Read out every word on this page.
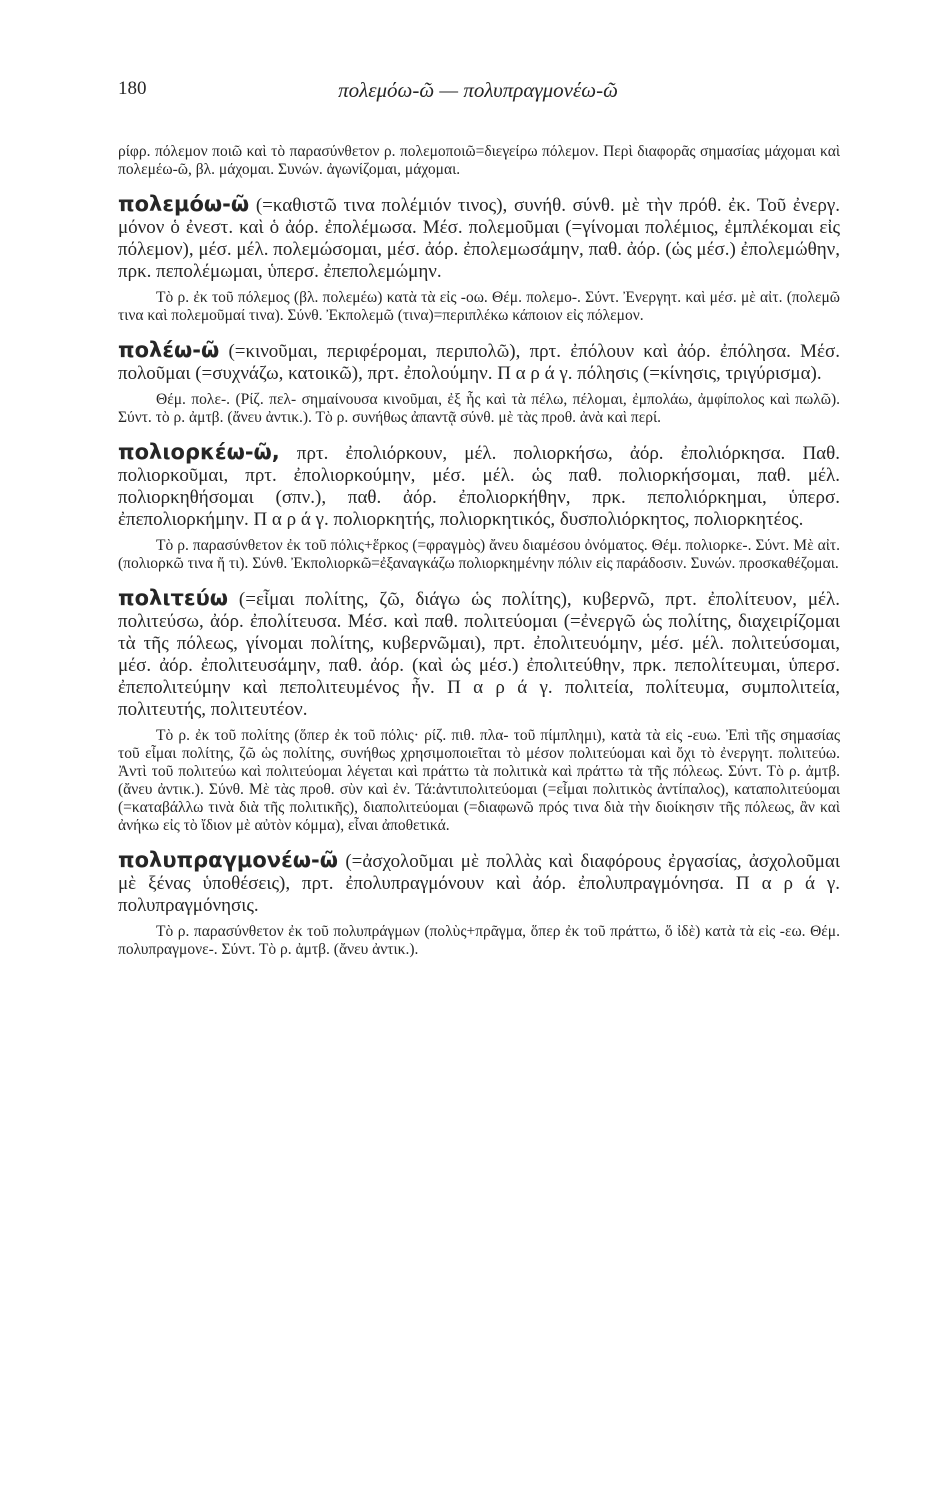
180	πολεμόω-ῶ — πολυπραγμονέω-ῶ

ρίφρ. πόλεμον ποιῶ καὶ τὸ παρασύνθετον ρ. πολεμοποιῶ=διεγείρω πόλεμον. Περὶ διαφορᾶς σημασίας μάχομαι καὶ πολεμέω-ῶ, βλ. μάχομαι. Συνών. ἀγωνίζομαι, μάχομαι.

πολεμόω-ῶ (=καθιστῶ τινα πολέμιόν τινος), συνήθ. σύνθ. μὲ τὴν πρόθ. ἐκ. Τοῦ ἐνεργ. μόνον ὁ ἐνεστ. καὶ ὁ ἀόρ. ἐπολέμωσα. Μέσ. πολεμοῦμαι (=γίνομαι πολέμιος, ἐμπλέκομαι εἰς πόλεμον), μέσ. μέλ. πολεμώσομαι, μέσ. ἀόρ. ἐπολεμωσάμην, παθ. ἀόρ. (ὡς μέσ.) ἐπολεμώθην, πρκ. πεπολέμωμαι, ὑπερσ. ἐπεπολεμώμην.

Τὸ ρ. ἐκ τοῦ πόλεμος (βλ. πολεμέω) κατὰ τὰ εἰς -οω. Θέμ. πολεμο-. Σύντ. Ἐνεργητ. καὶ μέσ. μὲ αἰτ. (πολεμῶ τινα καὶ πολεμοῦμαί τινα). Σύνθ. Ἐκπολεμῶ (τινα)=περιπλέκω κάποιον εἰς πόλεμον.

πολέω-ῶ (=κινοῦμαι, περιφέρομαι, περιπολῶ), πρτ. ἐπόλουν καὶ ἀόρ. ἐπόλησα. Μέσ. πολοῦμαι (=συχνάζω, κατοικῶ), πρτ. ἐπολούμην. Π α ρ ά γ. πόλησις (=κίνησις, τριγύρισμα).

Θέμ. πολε-. (Ρίζ. πελ- σημαίνουσα κινοῦμαι, ἐξ ἧς καὶ τὰ πέλω, πέλομαι, ἐμπολάω, ἀμφίπολος καὶ πωλῶ). Σύντ. τὸ ρ. ἀμτβ. (ἄνευ ἀντικ.). Τὸ ρ. συνήθως ἀπαντᾷ σύνθ. μὲ τὰς προθ. ἀνὰ καὶ περί.

πολιορκέω-ῶ, πρτ. ἐπολιόρκουν, μέλ. πολιορκήσω, ἀόρ. ἐπολιόρκησα. Παθ. πολιορκοῦμαι, πρτ. ἐπολιορκούμην, μέσ. μέλ. ὡς παθ. πολιορκήσομαι, παθ. μέλ. πολιορκηθήσομαι (σπν.), παθ. ἀόρ. ἐπολιορκήθην, πρκ. πεπολιόρκημαι, ὑπερσ. ἐπεπολιορκήμην. Π α ρ ά γ. πολιορκητής, πολιορκητικός, δυσπολιόρκητος, πολιορκητέος.

Τὸ ρ. παρασύνθετον ἐκ τοῦ πόλις+ἕρκος (=φραγμὸς) ἄνευ διαμέσου ὀνόματος. Θέμ. πολιορκε-. Σύντ. Μὲ αἰτ. (πολιορκῶ τινα ἤ τι). Σύνθ. Ἐκπολιορκῶ=ἐξαναγκάζω πολιορκημένην πόλιν εἰς παράδοσιν. Συνών. προσκαθέζομαι.

πολιτεύω (=εἶμαι πολίτης, ζῶ, διάγω ὡς πολίτης), κυβερνῶ, πρτ. ἐπολίτευον, μέλ. πολιτεύσω, ἀόρ. ἐπολίτευσα. Μέσ. καὶ παθ. πολιτεύομαι (=ἐνεργῶ ὡς πολίτης, διαχειρίζομαι τὰ τῆς πόλεως, γίνομαι πολίτης, κυβερνῶμαι), πρτ. ἐπολιτευόμην, μέσ. μέλ. πολιτεύσομαι, μέσ. ἀόρ. ἐπολιτευσάμην, παθ. ἀόρ. (καὶ ὡς μέσ.) ἐπολιτεύθην, πρκ. πεπολίτευμαι, ὑπερσ. ἐπεπολιτεύμην καὶ πεπολιτευμένος ἦν. Π α ρ ά γ. πολιτεία, πολίτευμα, συμπολιτεία, πολιτευτής, πολιτευτέον.

Τὸ ρ. ἐκ τοῦ πολίτης (ὅπερ ἐκ τοῦ πόλις· ρίζ. πιθ. πλα- τοῦ πίμπλημι), κατὰ τὰ εἰς -ευω. Ἐπὶ τῆς σημασίας τοῦ εἶμαι πολίτης, ζῶ ὡς πολίτης, συνήθως χρησιμοποιεῖται τὸ μέσον πολιτεύομαι καὶ ὄχι τὸ ἐνεργητ. πολιτεύω. Ἀντὶ τοῦ πολιτεύω καὶ πολιτεύομαι λέγεται καὶ πράττω τὰ πολιτικὰ καὶ πράττω τὰ τῆς πόλεως. Σύντ. Τὸ ρ. ἀμτβ. (ἄνευ ἀντικ.). Σύνθ. Μὲ τὰς προθ. σὺν καὶ ἐν. Τά:ἀντιπολιτεύομαι (=εἶμαι πολιτικὸς ἀντίπαλος), καταπολιτεύομαι (=καταβάλλω τινὰ διὰ τῆς πολιτικῆς), διαπολιτεύομαι (=διαφωνῶ πρός τινα διὰ τὴν διοίκησιν τῆς πόλεως, ἂν καὶ ἀνήκω εἰς τὸ ἴδιον μὲ αὐτὸν κόμμα), εἶναι ἀποθετικά.

πολυπραγμονέω-ῶ (=ἀσχολοῦμαι μὲ πολλὰς καὶ διαφόρους ἐργασίας, ἀσχολοῦμαι μὲ ξένας ὑποθέσεις), πρτ. ἐπολυπραγμόνουν καὶ ἀόρ. ἐπολυπραγμόνησα. Π α ρ ά γ. πολυπραγμόνησις.

Τὸ ρ. παρασύνθετον ἐκ τοῦ πολυπράγμων (πολὺς+πρᾶγμα, ὅπερ ἐκ τοῦ πράττω, ὅ ἰδὲ) κατὰ τὰ εἰς -εω. Θέμ. πολυπραγμονε-. Σύντ. Τὸ ρ. ἀμτβ. (ἄνευ ἀντικ.).
